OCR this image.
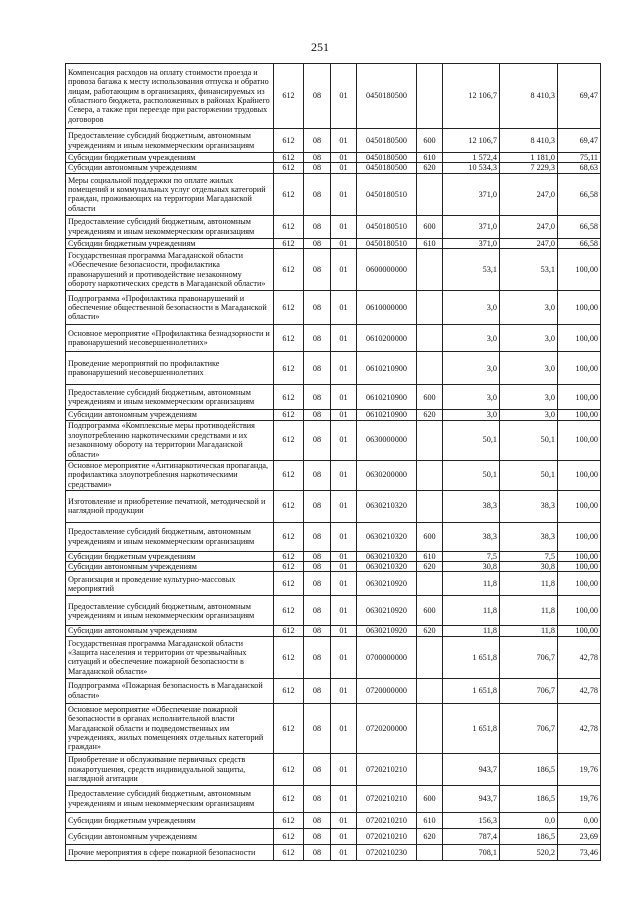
251
Компенсация расходов на оплату стоимости проезда и провоза багажа к месту использования отпуска и обратно лицам, работающим в организациях, финансируемых из областного бюджета, расположенных в районах Крайнего Севера, а также при переезде при расторжении трудовых договоров	612	08	01	0450180500		12 106,7	8 410,3	69,47
Предоставление субсидий бюджетным, автономным учреждениям и иным некоммерческим организациям	612	08	01	0450180500	600	12 106,7	8 410,3	69,47
Субсидии бюджетным учреждениям	612	08	01	0450180500	610	1 572,4	1 181,0	75,11
Субсидии автономным учреждениям	612	08	01	0450180500	620	10 534,3	7 229,3	68,63
Меры социальной поддержки по оплате жилых помещений и коммунальных услуг отдельных категорий граждан, проживающих на территории Магаданской области	612	08	01	0450180510		371,0	247,0	66,58
Предоставление субсидий бюджетным, автономным учреждениям и иным некоммерческим организациям	612	08	01	0450180510	600	371,0	247,0	66,58
Субсидии бюджетным учреждениям	612	08	01	0450180510	610	371,0	247,0	66,58
Государственная программа Магаданской области «Обеспечение безопасности, профилактика правонарушений и противодействие незаконному обороту наркотических средств в Магаданской области»	612	08	01	0600000000		53,1	53,1	100,00
Подпрограмма «Профилактика правонарушений и обеспечение общественной безопасности в Магаданской области»	612	08	01	0610000000		3,0	3,0	100,00
Основное мероприятие «Профилактика безнадзорности и правонарушений несовершеннолетних»	612	08	01	0610200000		3,0	3,0	100,00
Проведение мероприятий по профилактике правонарушений несовершеннолетних	612	08	01	0610210900		3,0	3,0	100,00
Предоставление субсидий бюджетным, автономным учреждениям и иным некоммерческим организациям	612	08	01	0610210900	600	3,0	3,0	100,00
Субсидии автономным учреждениям	612	08	01	0610210900	620	3,0	3,0	100,00
Подпрограмма «Комплексные меры противодействия злоупотреблению наркотическими средствами и их незаконному обороту на территории Магаданской области»	612	08	01	0630000000		50,1	50,1	100,00
Основное мероприятие «Антинаркотическая пропаганда, профилактика злоупотребления наркотическими средствами»	612	08	01	0630200000		50,1	50,1	100,00
Изготовление и приобретение печатной, методической и наглядной продукции	612	08	01	0630210320		38,3	38,3	100,00
Предоставление субсидий бюджетным, автономным учреждениям и иным некоммерческим организациям	612	08	01	0630210320	600	38,3	38,3	100,00
Субсидии бюджетным учреждениям	612	08	01	0630210320	610	7,5	7,5	100,00
Субсидии автономным учреждениям	612	08	01	0630210320	620	30,8	30,8	100,00
Организация и проведение культурно-массовых мероприятий	612	08	01	0630210920		11,8	11,8	100,00
Предоставление субсидий бюджетным, автономным учреждениям и иным некоммерческим организациям	612	08	01	0630210920	600	11,8	11,8	100,00
Субсидии автономным учреждениям	612	08	01	0630210920	620	11,8	11,8	100,00
Государственная программа Магаданской области «Защита населения и территории от чрезвычайных ситуаций и обеспечение пожарной безопасности в Магаданской области»	612	08	01	0700000000		1 651,8	706,7	42,78
Подпрограмма «Пожарная безопасность в Магаданской области»	612	08	01	0720000000		1 651,8	706,7	42,78
Основное мероприятие «Обеспечение пожарной безопасности в органах исполнительной власти Магаданской области и подведомственных им учреждениях, жилых помещениях отдельных категорий граждан»	612	08	01	0720200000		1 651,8	706,7	42,78
Приобретение и обслуживание первичных средств пожаротушения, средств индивидуальной защиты, наглядной агитации	612	08	01	0720210210		943,7	186,5	19,76
Предоставление субсидий бюджетным, автономным учреждениям и иным некоммерческим организациям	612	08	01	0720210210	600	943,7	186,5	19,76
Субсидии бюджетным учреждениям	612	08	01	0720210210	610	156,3	0,0	0,00
Субсидии автономным учреждениям	612	08	01	0720210210	620	787,4	186,5	23,69
Прочие мероприятия в сфере пожарной безопасности	612	08	01	0720210230		708,1	520,2	73,46
